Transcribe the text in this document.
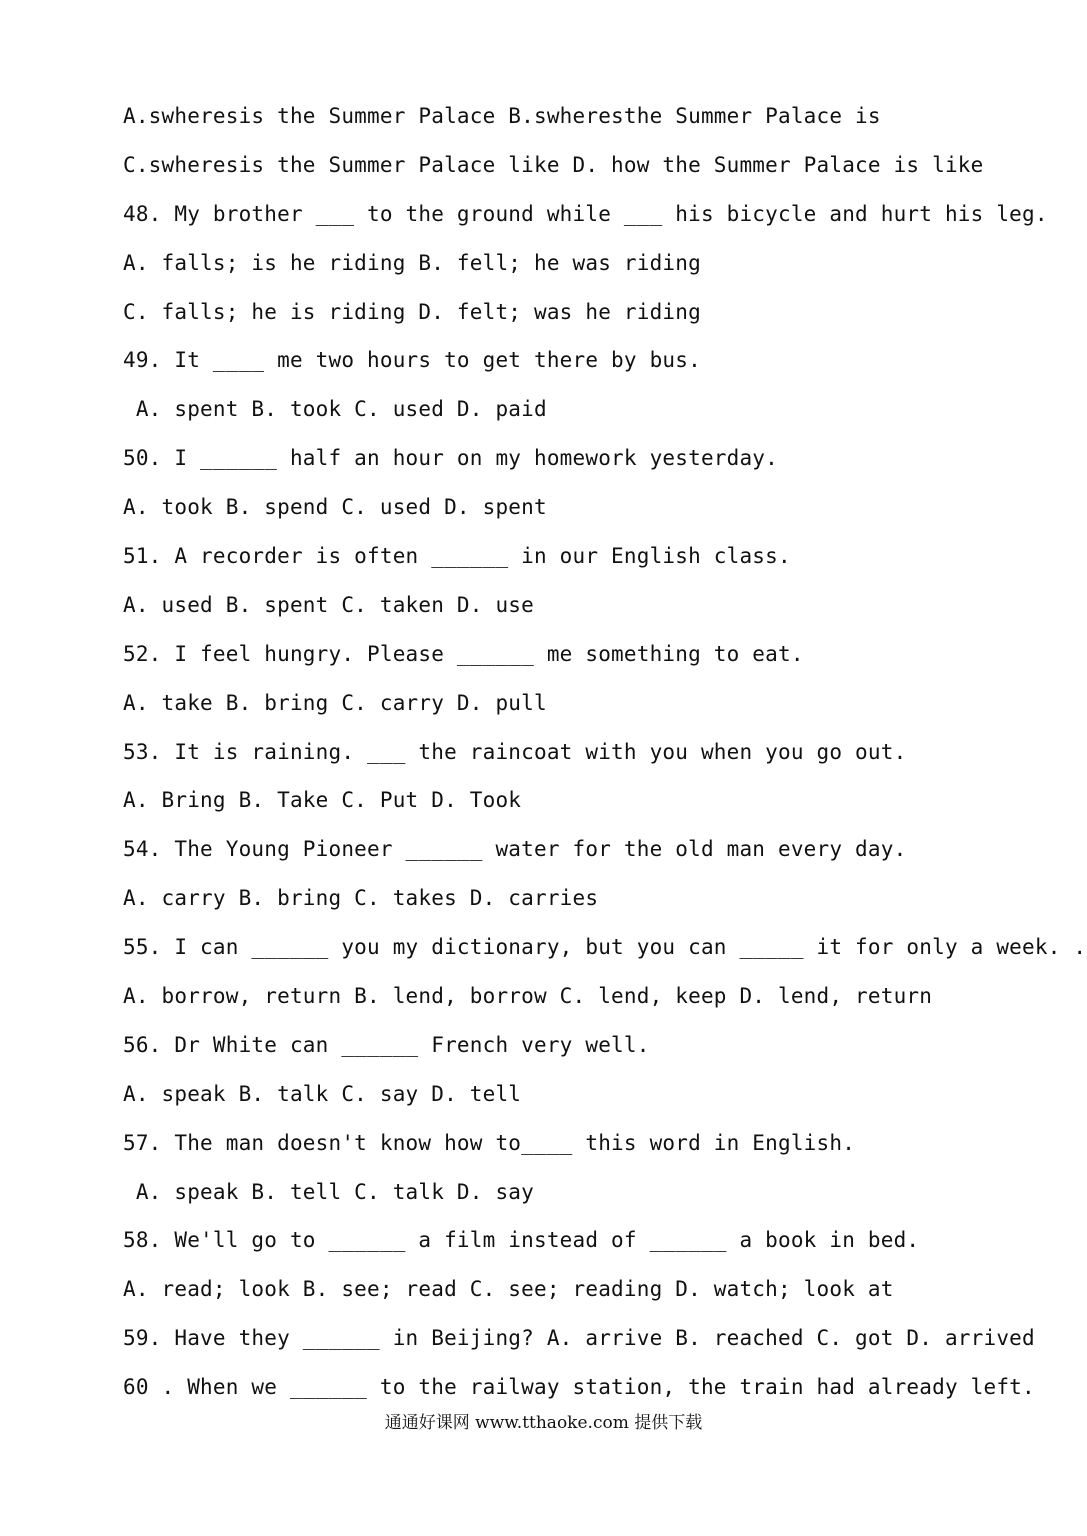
A.swheresis the Summer Palace B.swheresthe Summer Palace is
C.swheresis the Summer Palace like D. how the Summer Palace is like
48. My brother ___ to the ground while ___ his bicycle and hurt his leg.
A. falls; is he riding B. fell; he was riding
C. falls; he is riding D. felt; was he riding
49. It ____ me two hours to get there by bus.
A. spent B. took C. used D. paid
50. I ______ half an hour on my homework yesterday.
A. took B. spend C. used D. spent
51. A recorder is often ______ in our English class.
A. used B. spent C. taken D. use
52. I feel hungry. Please ______ me something to eat.
A. take B. bring C. carry D. pull
53. It is raining. ___ the raincoat with you when you go out.
A. Bring B. Take C. Put D. Took
54. The Young Pioneer ______ water for the old man every day.
A. carry B. bring C. takes D. carries
55. I can ______ you my dictionary, but you can _____ it for only a week. .
A. borrow, return B. lend, borrow C. lend, keep D. lend, return
56. Dr White can ______ French very well.
A. speak B. talk C. say D. tell
57. The man doesn't know how to____ this word in English.
A. speak B. tell C. talk D. say
58. We'll go to ______ a film instead of ______ a book in bed.
A. read; look B. see; read C. see; reading D. watch; look at
59. Have they ______ in Beijing? A. arrive B. reached C. got D. arrived
60 . When we ______ to the railway station, the train had already left.
通通好课网 www.tthaoke.com 提供下载
